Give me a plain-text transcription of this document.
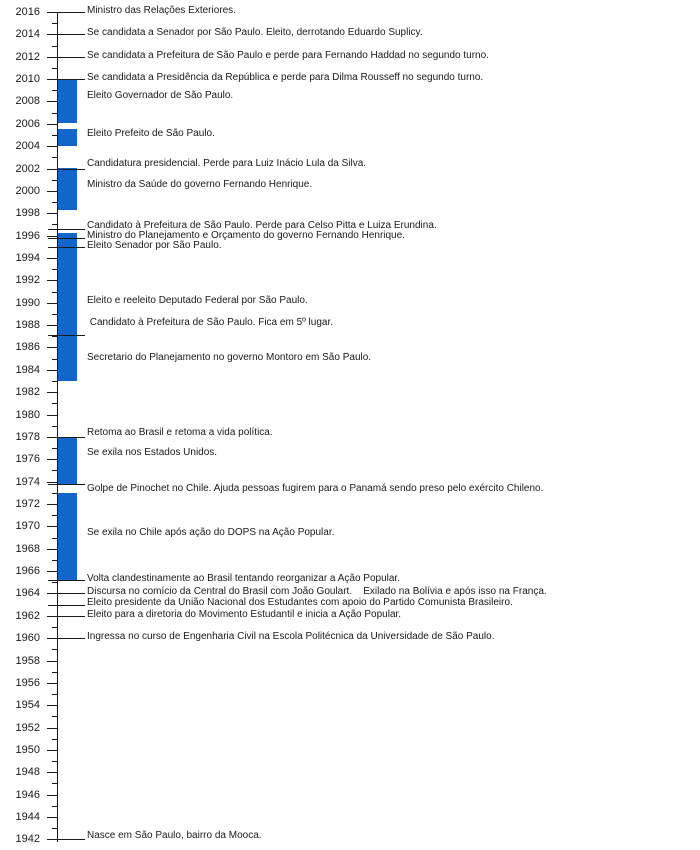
2016
2014
2012
2010
2008
2006
2004
2002
2000
1998
1996
1994
1992
1990
1988
1986
1984
1982
1980
1978
1976
1974
1972
1970
1968
1966
1964
1962
1960
1958
1956
1954
1952
1950
1948
1946
1944
1942
Ministro das Relações Exteriores.
Se candidata a Senador por São Paulo. Eleito, derrotando Eduardo Suplicy.
Se candidata a Prefeitura de São Paulo e perde para Fernando Haddad no segundo turno.
Se candidata a Presidência da República e perde para Dilma Rousseff no segundo turno.
Eleito Governador de São Paulo.
Eleito Prefeito de São Paulo.
Candidatura presidencial. Perde para Luiz Inácio Lula da Silva.
Ministro da Saúde do governo Fernando Henrique.
Candidato à Prefeitura de São Paulo. Perde para Celso Pitta e Luiza Erundina.
Ministro do Planejamento e Orçamento do governo Fernando Henrique.
Eleito Senador por São Paulo.
Eleito e reeleito Deputado Federal por São Paulo.
Candidato à Prefeitura de São Paulo. Fica em 5º lugar.
Secretario do Planejamento no governo Montoro em São Paulo.
Retoma ao Brasil e retoma a vida política.
Se exila nos Estados Unidos.
Golpe de Pinochet no Chile. Ajuda pessoas fugirem para o Panamá sendo preso pelo exército Chileno.
Se exila no Chile após ação do DOPS na Ação Popular.
Volta clandestinamente ao Brasil tentando reorganizar a Ação Popular.
Discursa no comício da Central do Brasil com João Goulart.    Exilado na Bolívia e após isso na França.
Eleito presidente da União Nacional dos Estudantes com apoio do Partido Comunista Brasileiro.
Eleito para a diretoria do Movimento Estudantil e inicia a Ação Popular.
Ingressa no curso de Engenharia Civil na Escola Politécnica da Universidade de São Paulo.
Nasce em São Paulo, bairro da Mooca.
